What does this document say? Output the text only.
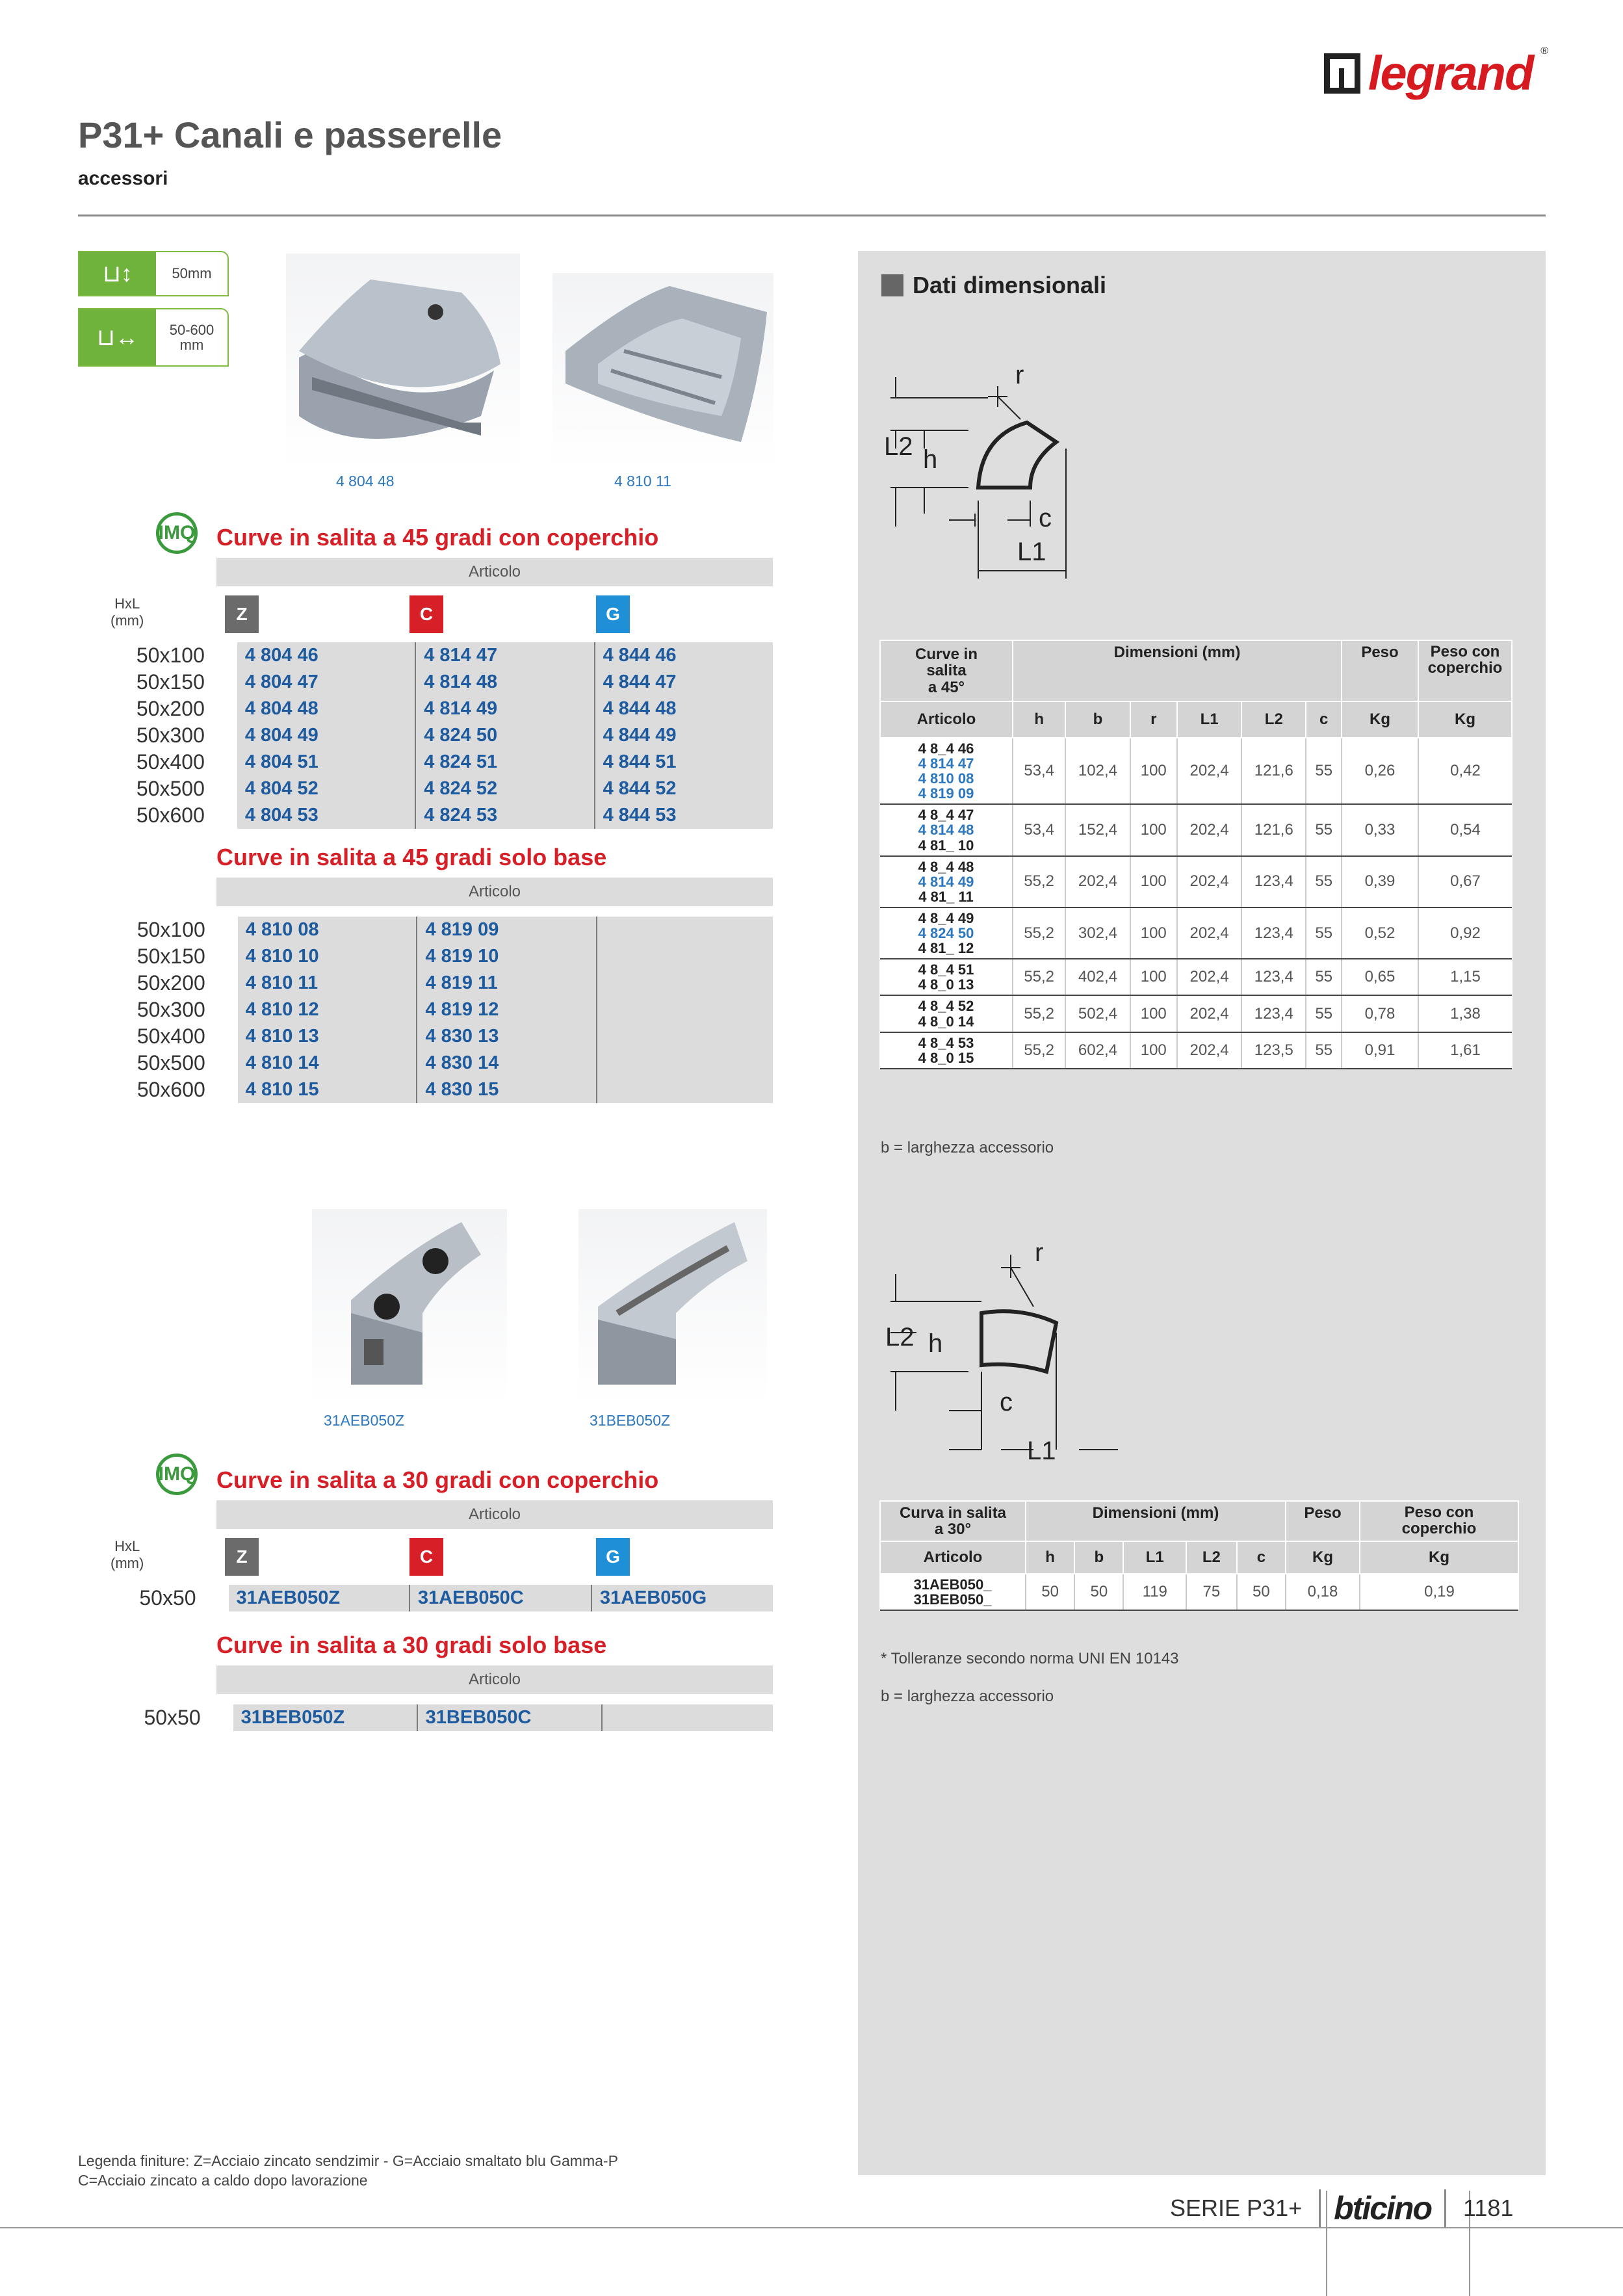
legrand ®
P31+ Canali e passerelle
accessori
⊔↕	50mm
⊔↔	50-600
mm
4 804 48	4 810 11
IMQ Curve in salita a 45 gradi con coperchio
Articolo
HxL
(mm)	Z	C	G
50x100	4 804 46	4 814 47	4 844 46
50x150	4 804 47	4 814 48	4 844 47
50x200	4 804 48	4 814 49	4 844 48
50x300	4 804 49	4 824 50	4 844 49
50x400	4 804 51	4 824 51	4 844 51
50x500	4 804 52	4 824 52	4 844 52
50x600	4 804 53	4 824 53	4 844 53
Curve in salita a 45 gradi solo base
Articolo
50x100	4 810 08	4 819 09	
50x150	4 810 10	4 819 10	
50x200	4 810 11	4 819 11	
50x300	4 810 12	4 819 12	
50x400	4 810 13	4 830 13	
50x500	4 810 14	4 830 14	
50x600	4 810 15	4 830 15	
31AEB050Z	31BEB050Z
IMQ Curve in salita a 30 gradi con coperchio
Articolo
HxL
(mm)	Z	C	G
50x50	31AEB050Z	31AEB050C	31AEB050G
Curve in salita a 30 gradi solo base
Articolo
50x50	31BEB050Z	31BEB050C	
Dati dimensionali
r
L2 h
c
L1
Curve in
salita
a 45°	Dimensioni (mm)						Peso	Peso con
coperchio
Articolo	h	b	r	L1	L2	c	Kg	Kg

4 8_4 46
4 814 47
4 810 08
4 819 09	53,4	102,4	100	202,4	121,6	55	0,26	0,42

4 8_4 47
4 814 48
4 81_ 10	53,4	152,4	100	202,4	121,6	55	0,33	0,54

4 8_4 48
4 814 49
4 81_ 11	55,2	202,4	100	202,4	123,4	55	0,39	0,67

4 8_4 49
4 824 50
4 81_ 12	55,2	302,4	100	202,4	123,4	55	0,52	0,92

4 8_4 51
4 8_0 13	55,2	402,4	100	202,4	123,4	55	0,65	1,15

4 8_4 52
4 8_0 14	55,2	502,4	100	202,4	123,4	55	0,78	1,38

4 8_4 53
4 8_0 15	55,2	602,4	100	202,4	123,5	55	0,91	1,61
b = larghezza accessorio
r
L2 h
c
L1
Curva in salita
a 30°	Dimensioni (mm)					Peso	Peso con
coperchio
Articolo	h	b	L1	L2	c	Kg	Kg

31AEB050_
31BEB050_	50	50	119	75	50	0,18	0,19
* Tolleranze secondo norma UNI EN 10143
b = larghezza accessorio
Legenda finiture: Z=Acciaio zincato sendzimir - G=Acciaio smaltato blu Gamma-P
C=Acciaio zincato a caldo dopo lavorazione
SERIE P31+ bticino	1181
